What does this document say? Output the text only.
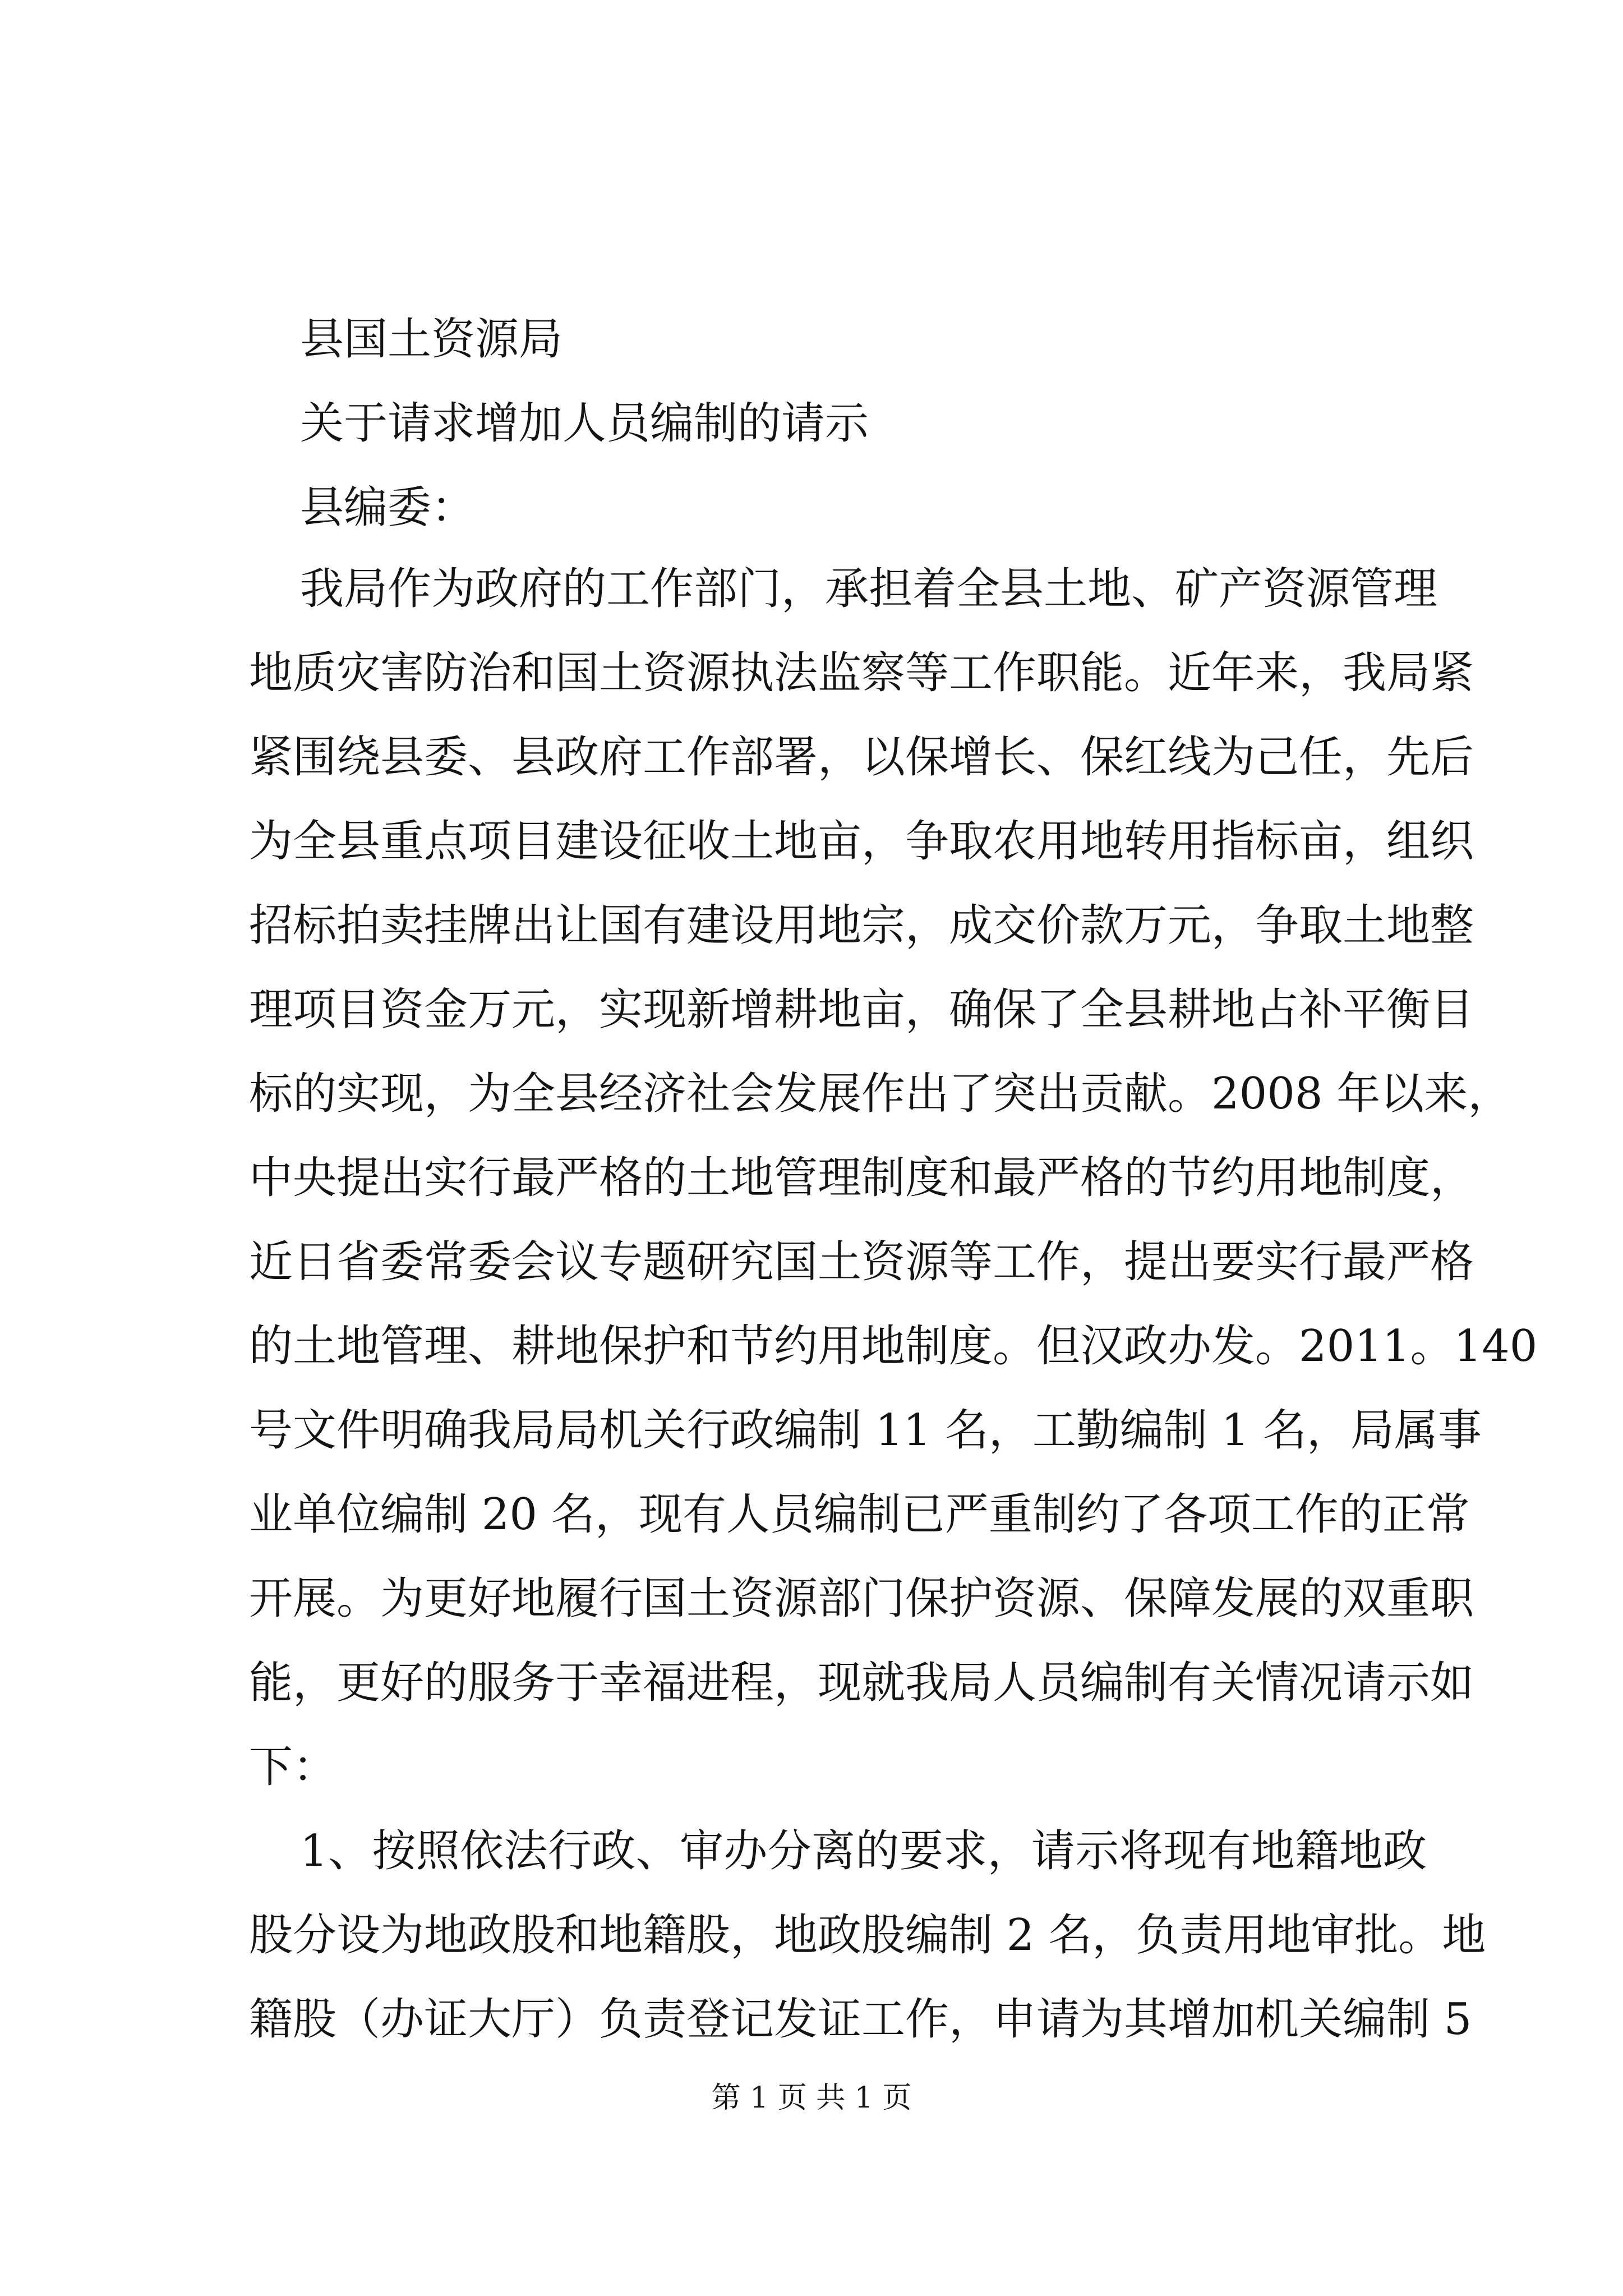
县国土资源局
关于请求增加人员编制的请示
县编委：
我局作为政府的工作部门，承担着全县土地、矿产资源管理
地质灾害防治和国土资源执法监察等工作职能。近年来，我局紧
紧围绕县委、县政府工作部署，以保增长、保红线为己任，先后
为全县重点项目建设征收土地亩，争取农用地转用指标亩，组织
招标拍卖挂牌出让国有建设用地宗，成交价款万元，争取土地整
理项目资金万元，实现新增耕地亩，确保了全县耕地占补平衡目
标的实现，为全县经济社会发展作出了突出贡献。2008 年以来，
中央提出实行最严格的土地管理制度和最严格的节约用地制度，
近日省委常委会议专题研究国土资源等工作，提出要实行最严格
的土地管理、耕地保护和节约用地制度。但汉政办发。2011。140
号文件明确我局局机关行政编制 11 名，工勤编制 1 名，局属事
业单位编制 20 名，现有人员编制已严重制约了各项工作的正常
开展。为更好地履行国土资源部门保护资源、保障发展的双重职
能，更好的服务于幸福进程，现就我局人员编制有关情况请示如
下：
1、按照依法行政、审办分离的要求，请示将现有地籍地政
股分设为地政股和地籍股，地政股编制 2 名，负责用地审批。地
籍股（办证大厅）负责登记发证工作，申请为其增加机关编制 5
第 1 页 共 1 页
